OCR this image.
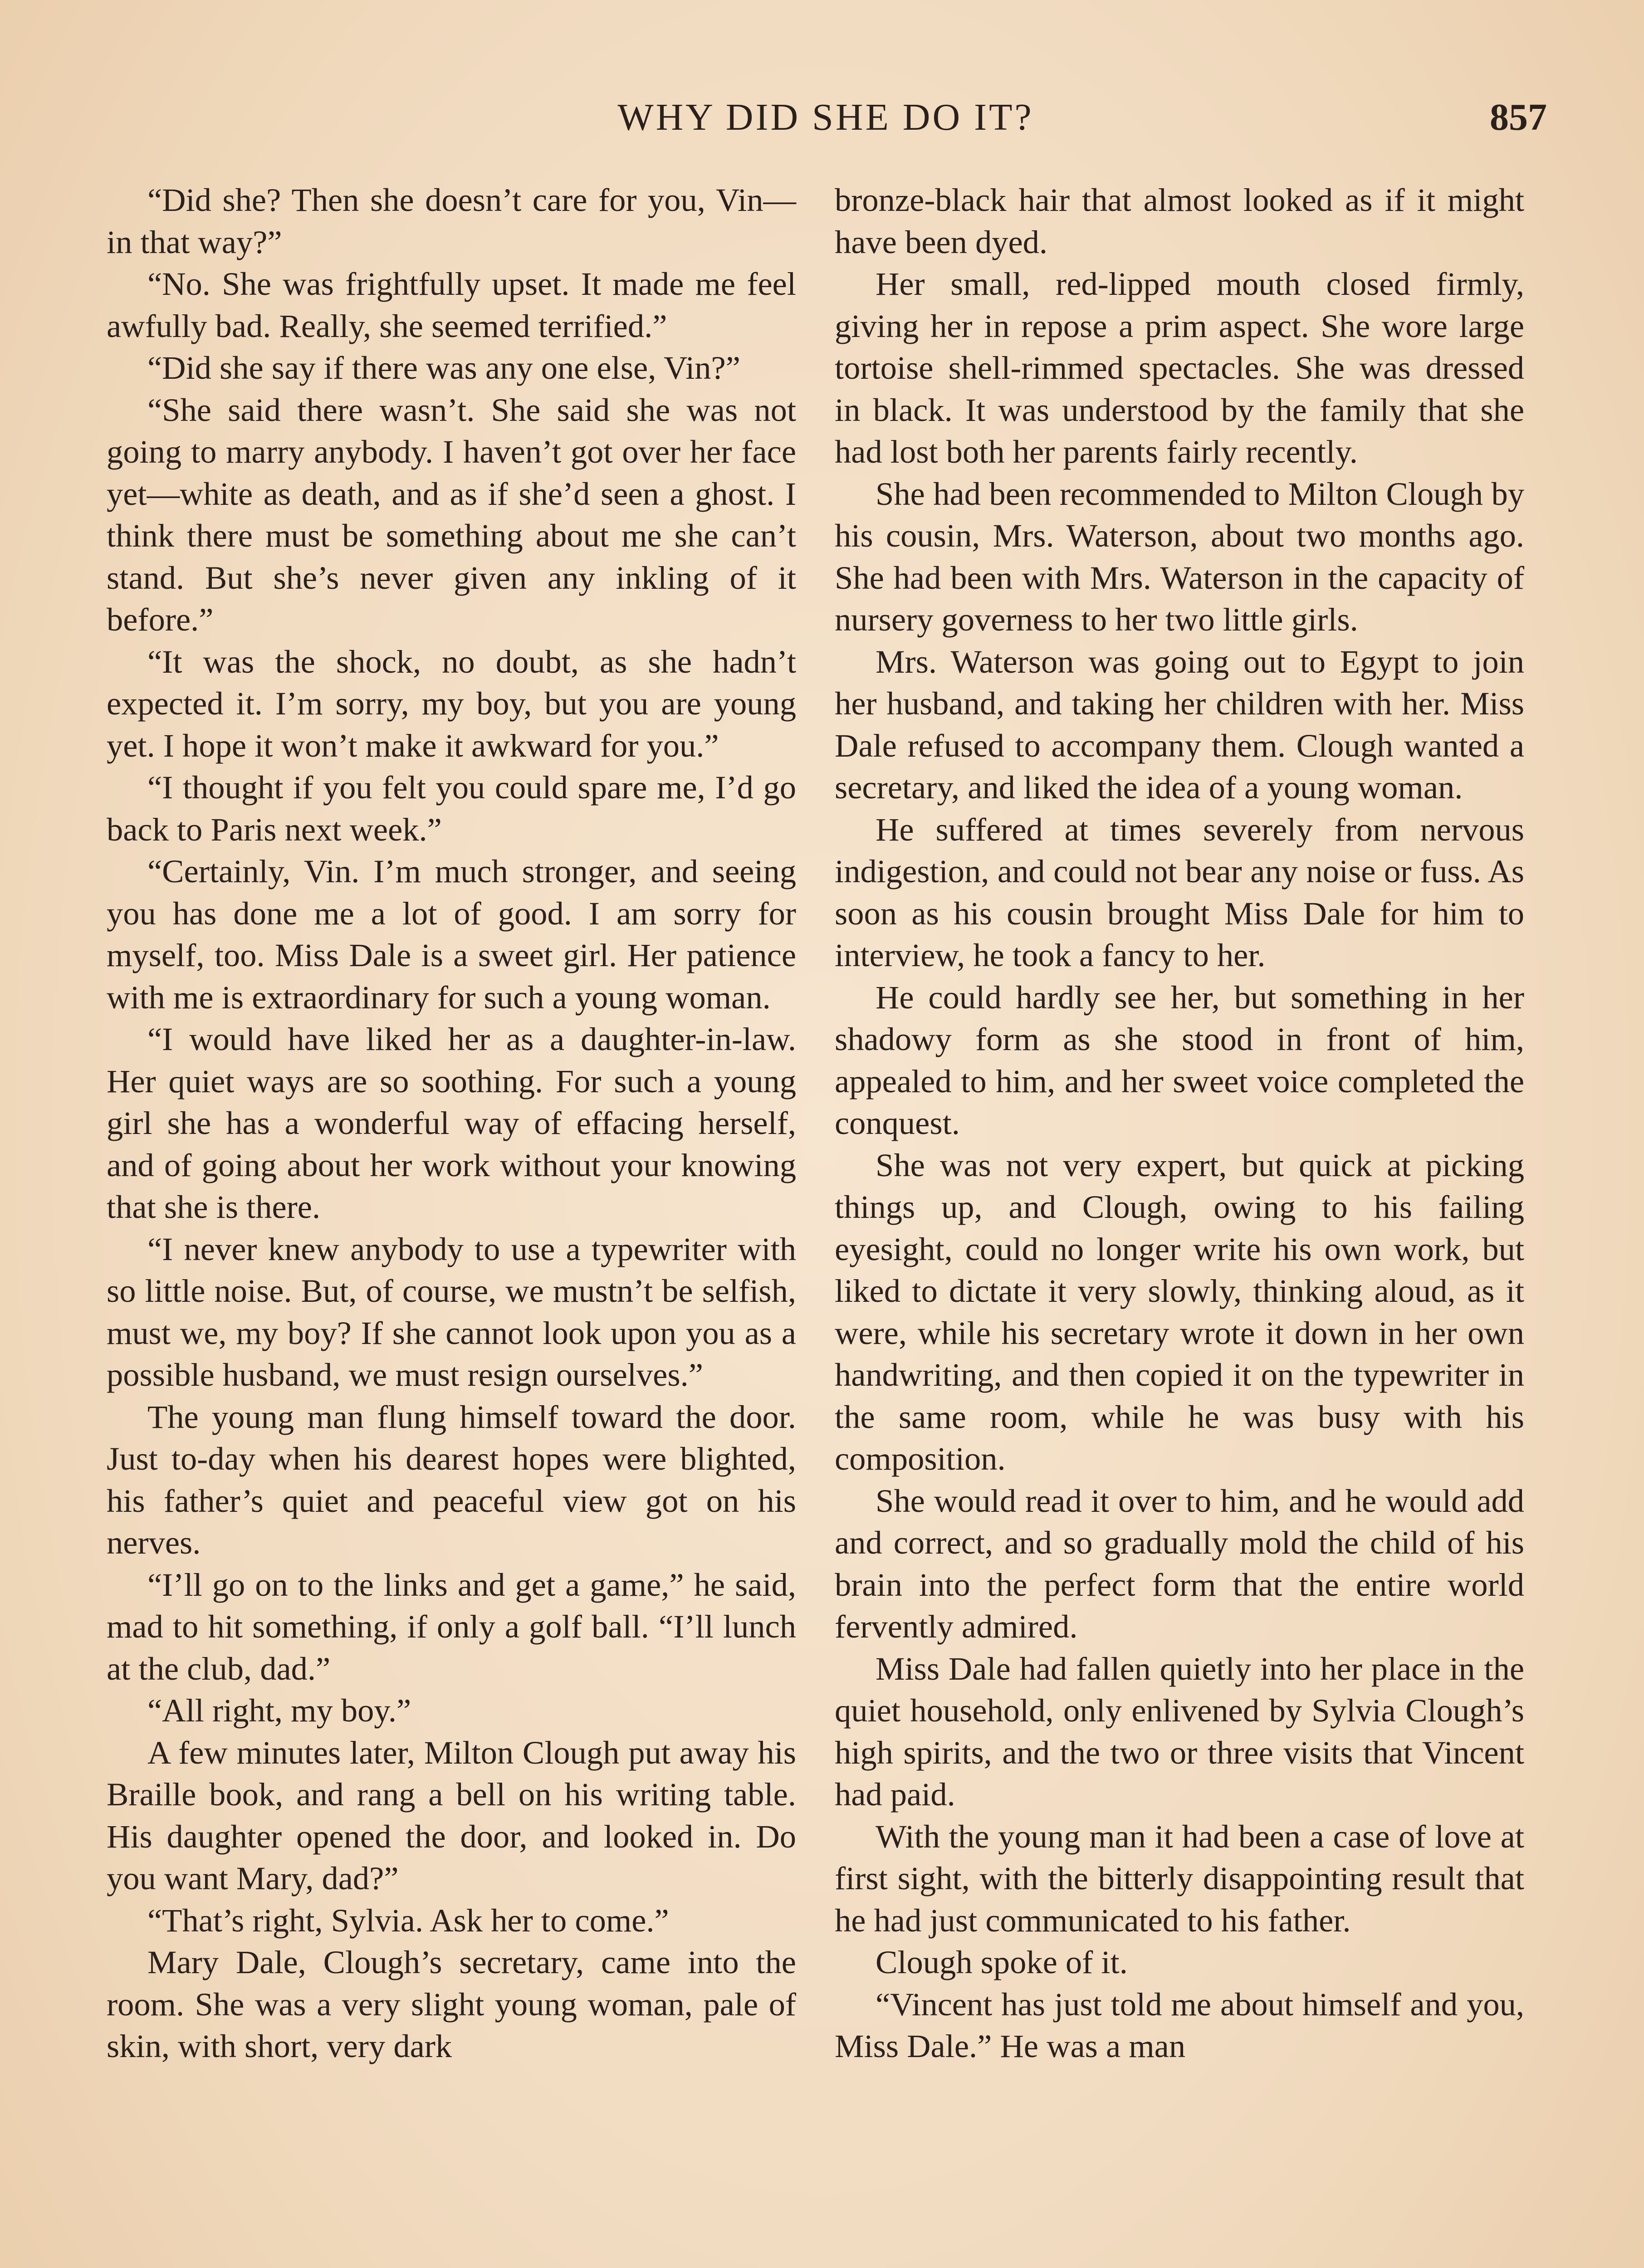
WHY DID SHE DO IT?	857

“Did she? Then she doesn’t care for you, Vin—in that way?”

“No. She was frightfully upset. It made me feel awfully bad. Really, she seemed terrified.”

“Did she say if there was any one else, Vin?”

“She said there wasn’t. She said she was not going to marry anybody. I haven’t got over her face yet—white as death, and as if she’d seen a ghost. I think there must be something about me she can’t stand. But she’s never given any inkling of it before.”

“It was the shock, no doubt, as she hadn’t expected it. I’m sorry, my boy, but you are young yet. I hope it won’t make it awkward for you.”

“I thought if you felt you could spare me, I’d go back to Paris next week.”

“Certainly, Vin. I’m much stronger, and seeing you has done me a lot of good. I am sorry for myself, too. Miss Dale is a sweet girl. Her patience with me is extraordinary for such a young woman.

“I would have liked her as a daughter-in-law. Her quiet ways are so soothing. For such a young girl she has a wonderful way of effacing herself, and of going about her work without your knowing that she is there.

“I never knew anybody to use a typewriter with so little noise. But, of course, we mustn’t be selfish, must we, my boy? If she cannot look upon you as a possible husband, we must resign ourselves.”

The young man flung himself toward the door. Just to-day when his dearest hopes were blighted, his father’s quiet and peaceful view got on his nerves.

“I’ll go on to the links and get a game,” he said, mad to hit something, if only a golf ball. “I’ll lunch at the club, dad.”

“All right, my boy.”

A few minutes later, Milton Clough put away his Braille book, and rang a bell on his writing table. His daughter opened the door, and looked in. Do you want Mary, dad?”

“That’s right, Sylvia. Ask her to come.”

Mary Dale, Clough’s secretary, came into the room. She was a very slight young woman, pale of skin, with short, very dark

bronze-black hair that almost looked as if it might have been dyed.

Her small, red-lipped mouth closed firmly, giving her in repose a prim aspect. She wore large tortoise shell-rimmed spectacles. She was dressed in black. It was understood by the family that she had lost both her parents fairly recently.

She had been recommended to Milton Clough by his cousin, Mrs. Waterson, about two months ago. She had been with Mrs. Waterson in the capacity of nursery governess to her two little girls.

Mrs. Waterson was going out to Egypt to join her husband, and taking her children with her. Miss Dale refused to accompany them. Clough wanted a secretary, and liked the idea of a young woman.

He suffered at times severely from nervous indigestion, and could not bear any noise or fuss. As soon as his cousin brought Miss Dale for him to interview, he took a fancy to her.

He could hardly see her, but something in her shadowy form as she stood in front of him, appealed to him, and her sweet voice completed the conquest.

She was not very expert, but quick at picking things up, and Clough, owing to his failing eyesight, could no longer write his own work, but liked to dictate it very slowly, thinking aloud, as it were, while his secretary wrote it down in her own handwriting, and then copied it on the typewriter in the same room, while he was busy with his composition.

She would read it over to him, and he would add and correct, and so gradually mold the child of his brain into the perfect form that the entire world fervently admired.

Miss Dale had fallen quietly into her place in the quiet household, only enlivened by Sylvia Clough’s high spirits, and the two or three visits that Vincent had paid.

With the young man it had been a case of love at first sight, with the bitterly disappointing result that he had just communicated to his father.

Clough spoke of it.

“Vincent has just told me about himself and you, Miss Dale.” He was a man
